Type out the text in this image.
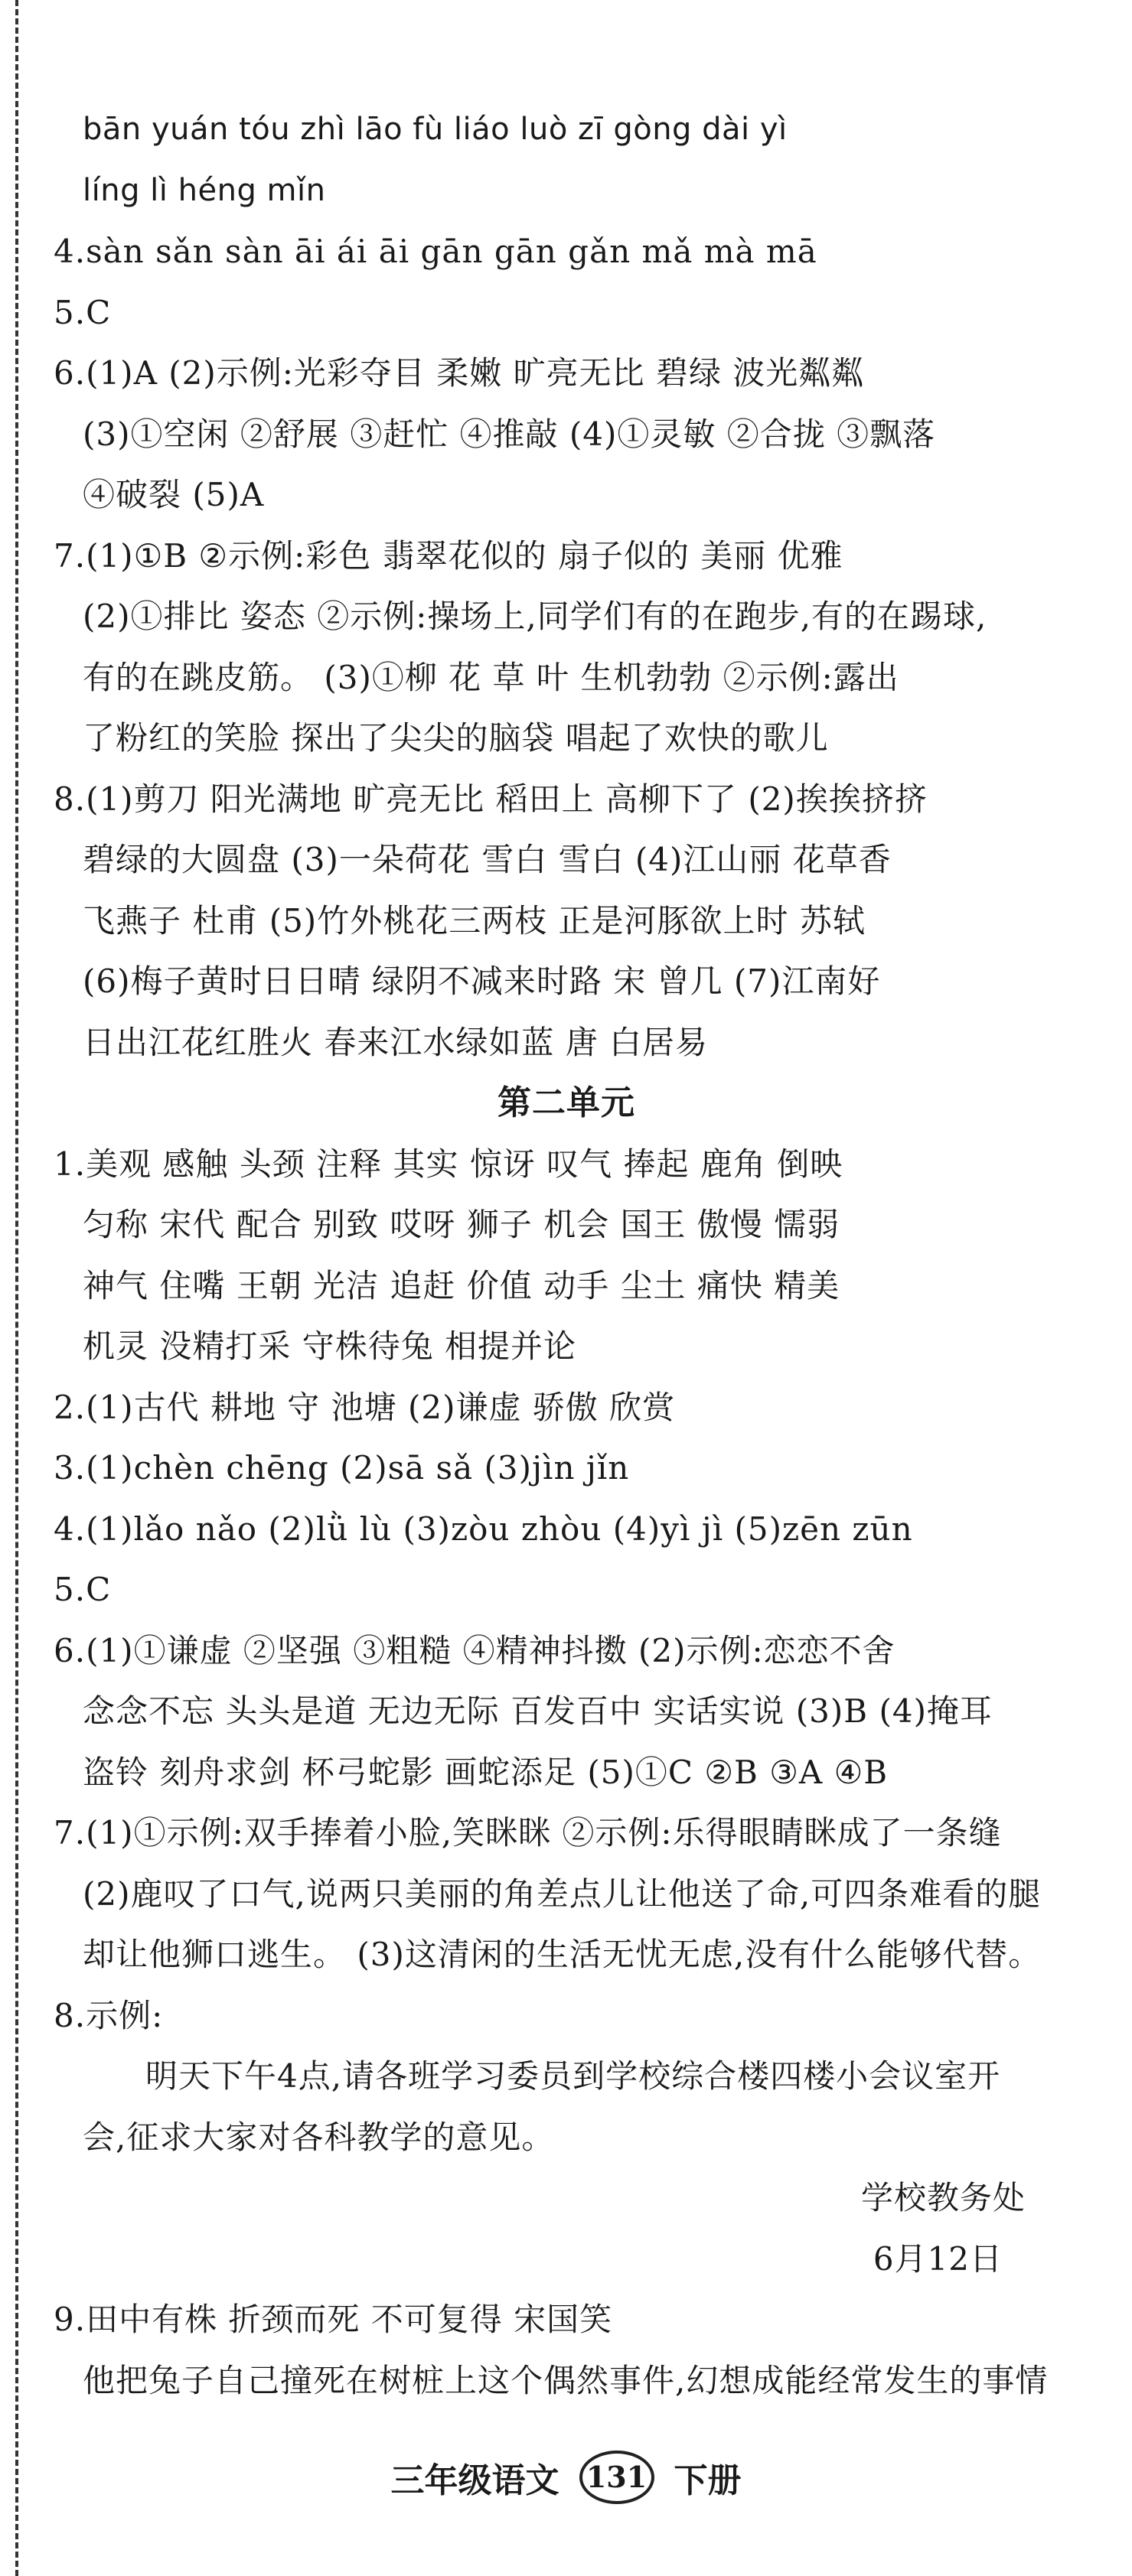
bān yuán tóu zhì lāo fù liáo luò zī gòng dài yì
líng lì héng mǐn
4.sàn sǎn sàn āi ái āi gān gān gǎn mǎ mà mā
5.C
6.(1)A (2)示例:光彩夺目 柔嫩 旷亮无比 碧绿 波光粼粼
(3)①空闲 ②舒展 ③赶忙 ④推敲 (4)①灵敏 ②合拢 ③飘落
④破裂 (5)A
7.(1)①B ②示例:彩色 翡翠花似的 扇子似的 美丽 优雅
(2)①排比 姿态 ②示例:操场上,同学们有的在跑步,有的在踢球,
有的在跳皮筋。 (3)①柳 花 草 叶 生机勃勃 ②示例:露出
了粉红的笑脸 探出了尖尖的脑袋 唱起了欢快的歌儿
8.(1)剪刀 阳光满地 旷亮无比 稻田上 高柳下了 (2)挨挨挤挤
碧绿的大圆盘 (3)一朵荷花 雪白 雪白 (4)江山丽 花草香
飞燕子 杜甫 (5)竹外桃花三两枝 正是河豚欲上时 苏轼
(6)梅子黄时日日晴 绿阴不减来时路 宋 曾几 (7)江南好
日出江花红胜火 春来江水绿如蓝 唐 白居易
第二单元
1.美观 感触 头颈 注释 其实 惊讶 叹气 捧起 鹿角 倒映
匀称 宋代 配合 别致 哎呀 狮子 机会 国王 傲慢 懦弱
神气 住嘴 王朝 光洁 追赶 价值 动手 尘土 痛快 精美
机灵 没精打采 守株待兔 相提并论
2.(1)古代 耕地 守 池塘 (2)谦虚 骄傲 欣赏
3.(1)chèn chēng (2)sā sǎ (3)jìn jǐn
4.(1)lǎo nǎo (2)lǜ lù (3)zòu zhòu (4)yì jì (5)zēn zūn
5.C
6.(1)①谦虚 ②坚强 ③粗糙 ④精神抖擞 (2)示例:恋恋不舍
念念不忘 头头是道 无边无际 百发百中 实话实说 (3)B (4)掩耳
盗铃 刻舟求剑 杯弓蛇影 画蛇添足 (5)①C ②B ③A ④B
7.(1)①示例:双手捧着小脸,笑眯眯 ②示例:乐得眼睛眯成了一条缝
(2)鹿叹了口气,说两只美丽的角差点儿让他送了命,可四条难看的腿
却让他狮口逃生。 (3)这清闲的生活无忧无虑,没有什么能够代替。
8.示例:
明天下午4点,请各班学习委员到学校综合楼四楼小会议室开
会,征求大家对各科教学的意见。
学校教务处
6月12日
9.田中有株 折颈而死 不可复得 宋国笑
他把兔子自己撞死在树桩上这个偶然事件,幻想成能经常发生的事情
三年级语文 131 下册
